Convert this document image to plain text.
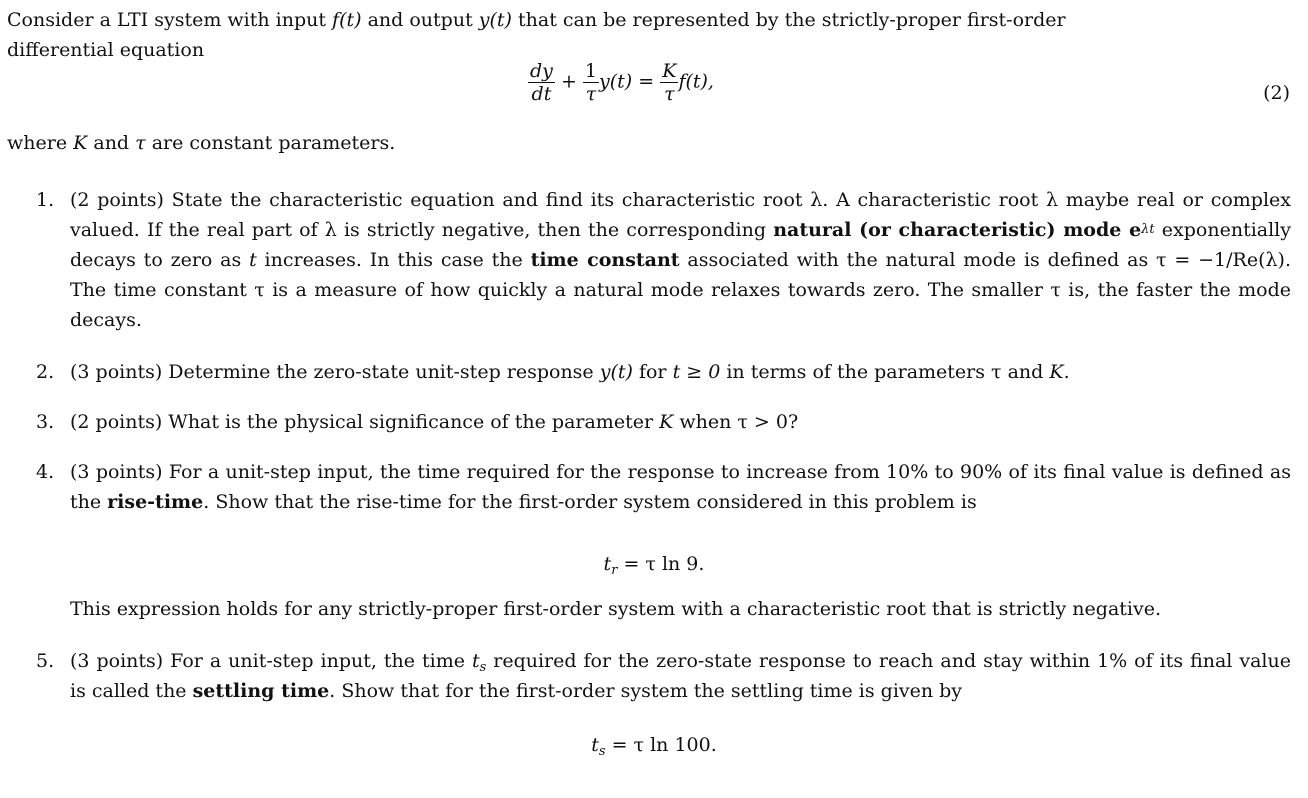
Consider a LTI system with input f(t) and output y(t) that can be represented by the strictly-proper first-order

differential equation

$\frac{dy}{dt} + \frac{1}{\tau} y(t) = \frac{K}{\tau} f(t)$,
(2)

where K and τ are constant parameters.

1. (2 points) State the characteristic equation and find its characteristic root λ. A characteristic root λ maybe real or complex valued. If the real part of λ is strictly negative, then the corresponding natural (or characteristic) mode $e^{\lambda t}$ exponentially decays to zero as t increases. In this case the time constant associated with the natural mode is defined as τ = −1/Re(λ). The time constant τ is a measure of how quickly a natural mode relaxes towards zero. The smaller τ is, the faster the mode decays.
2. (3 points) Determine the zero-state unit-step response y(t) for t ≥ 0 in terms of the parameters τ and K.
3. (2 points) What is the physical significance of the parameter K when τ > 0?
4. (3 points) For a unit-step input, the time required for the response to increase from 10% to 90% of its final value is defined as the rise-time. Show that the rise-time for the first-order system considered in this problem is
$t_r = \tau$ ln 9.

This expression holds for any strictly-proper first-order system with a characteristic root that is strictly negative.

5. (3 points) For a unit-step input, the time $t_s$ required for the zero-state response to reach and stay within 1% of its final value is called the settling time. Show that for the first-order system the settling time is given by
$t_s = \tau$ ln 100.
